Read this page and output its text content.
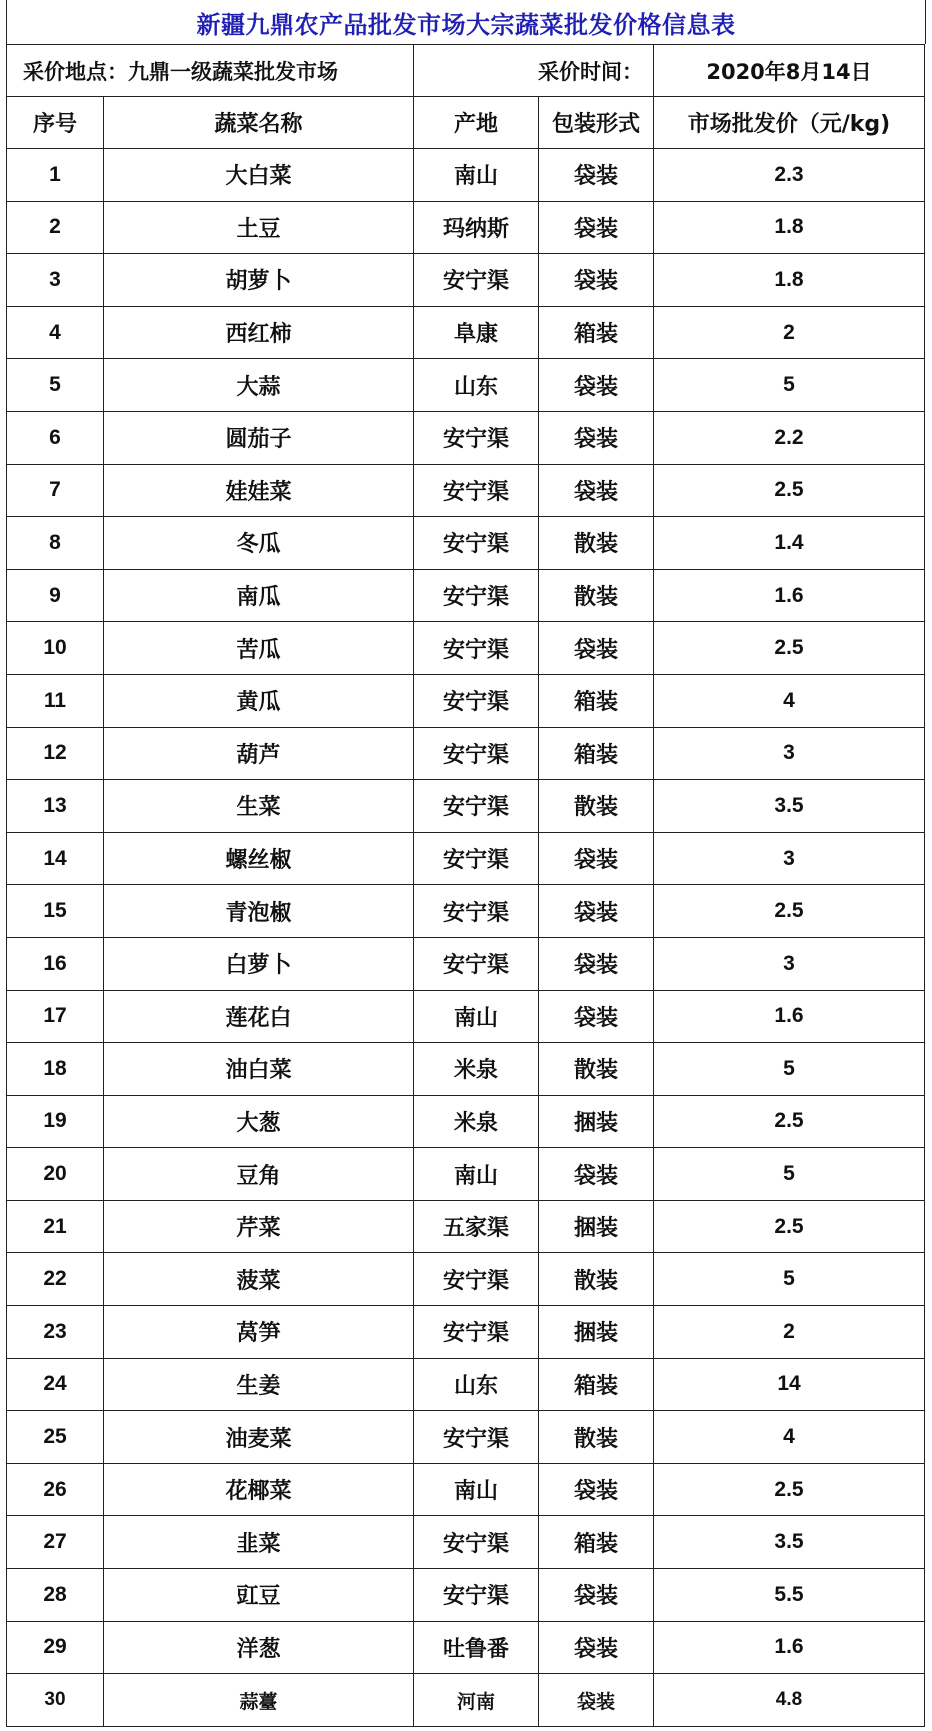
新疆九鼎农产品批发市场大宗蔬菜批发价格信息表
采价地点：九鼎一级蔬菜批发市场		采价时间：		2020年8月14日
序号	蔬菜名称	产地	包装形式	市场批发价（元/kg)
1	大白菜	南山	袋装	2.3
2	土豆	玛纳斯	袋装	1.8
3	胡萝卜	安宁渠	袋装	1.8
4	西红柿	阜康	箱装	2
5	大蒜	山东	袋装	5
6	圆茄子	安宁渠	袋装	2.2
7	娃娃菜	安宁渠	袋装	2.5
8	冬瓜	安宁渠	散装	1.4
9	南瓜	安宁渠	散装	1.6
10	苦瓜	安宁渠	袋装	2.5
11	黄瓜	安宁渠	箱装	4
12	葫芦	安宁渠	箱装	3
13	生菜	安宁渠	散装	3.5
14	螺丝椒	安宁渠	袋装	3
15	青泡椒	安宁渠	袋装	2.5
16	白萝卜	安宁渠	袋装	3
17	莲花白	南山	袋装	1.6
18	油白菜	米泉	散装	5
19	大葱	米泉	捆装	2.5
20	豆角	南山	袋装	5
21	芹菜	五家渠	捆装	2.5
22	菠菜	安宁渠	散装	5
23	莴笋	安宁渠	捆装	2
24	生姜	山东	箱装	14
25	油麦菜	安宁渠	散装	4
26	花椰菜	南山	袋装	2.5
27	韭菜	安宁渠	箱装	3.5
28	豇豆	安宁渠	袋装	5.5
29	洋葱	吐鲁番	袋装	1.6
30	蒜薹	河南	袋装	4.8
